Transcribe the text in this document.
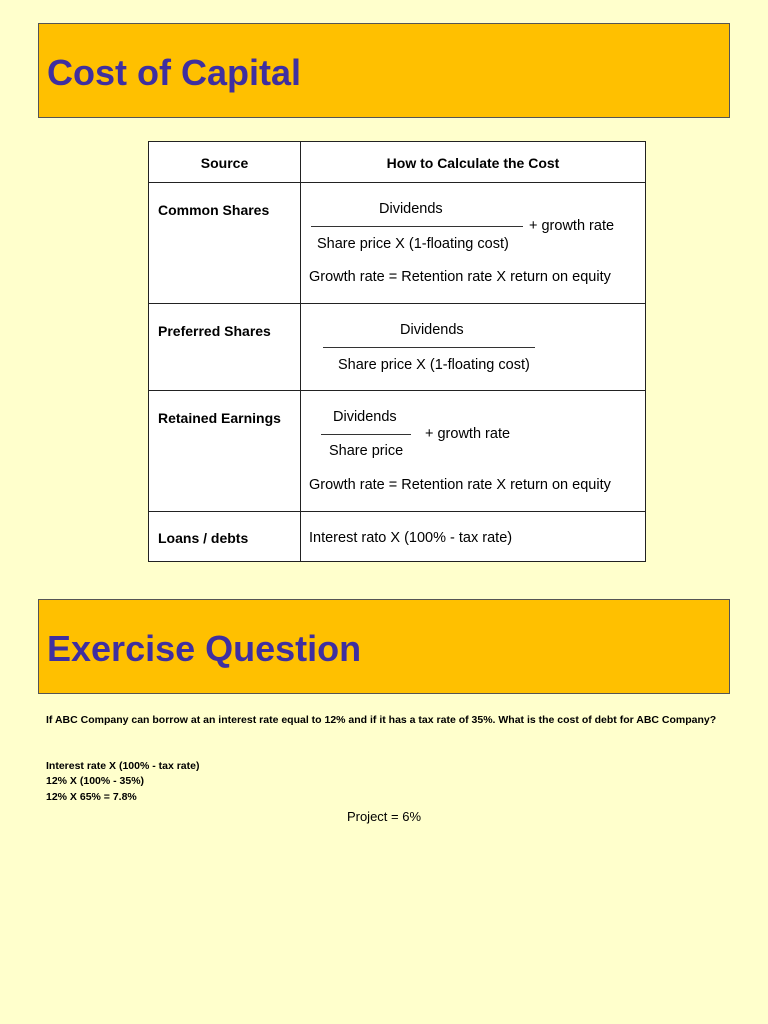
Cost of Capital
Source	How to Calculate the Cost
Common Shares	Dividends
+ growth rate
Share price X (1-floating cost)
Growth rate = Retention rate X return on equity
Preferred Shares	Dividends
Share price X (1-floating cost)
Retained Earnings	Dividends
+ growth rate
Share price
Growth rate = Retention rate X return on equity
Loans / debts	Interest rato X (100% - tax rate)
Exercise Question
If ABC Company can borrow at an interest rate equal to 12% and if it has a tax rate of 35%. What is the cost of debt for ABC Company?
Interest rate X (100% - tax rate)
12% X (100% - 35%)
12% X 65% = 7.8%
Project = 6%
